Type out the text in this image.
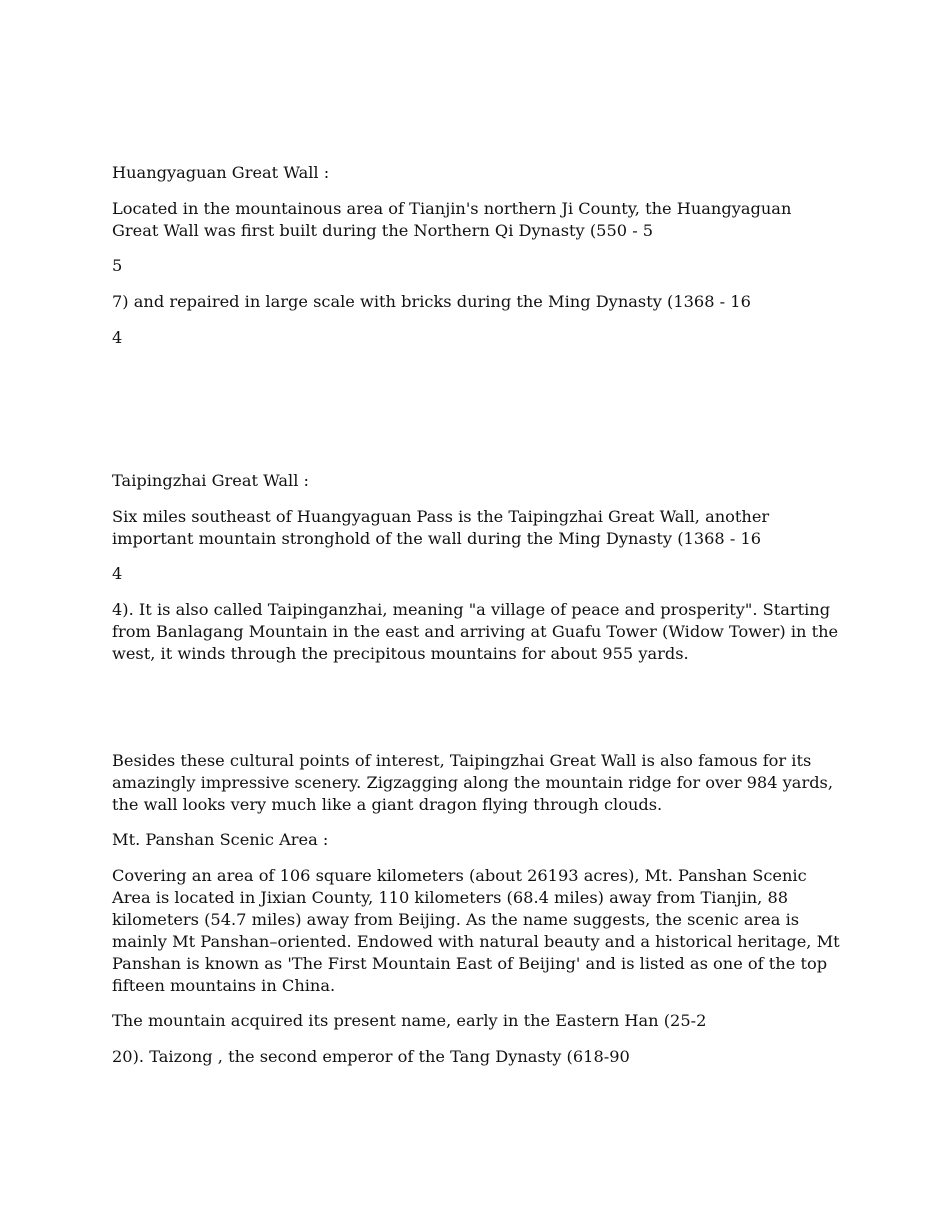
Huangyaguan Great Wall :

Located in the mountainous area of Tianjin's northern Ji County, the Huangyaguan Great Wall was first built during the Northern Qi Dynasty (550 - 5

5

7) and repaired in large scale with bricks during the Ming Dynasty (1368 - 16

4

Taipingzhai Great Wall :

Six miles southeast of Huangyaguan Pass is the Taipingzhai Great Wall, another important mountain stronghold of the wall during the Ming Dynasty (1368 - 16

4

4). It is also called Taipinganzhai, meaning "a village of peace and prosperity". Starting from Banlagang Mountain in the east and arriving at Guafu Tower (Widow Tower) in the west, it winds through the precipitous mountains for about 955 yards.

Besides these cultural points of interest, Taipingzhai Great Wall is also famous for its amazingly impressive scenery. Zigzagging along the mountain ridge for over 984 yards, the wall looks very much like a giant dragon flying through clouds.

Mt. Panshan Scenic Area :

Covering an area of 106 square kilometers (about 26193 acres), Mt. Panshan Scenic Area is located in Jixian County, 110 kilometers (68.4 miles) away from Tianjin, 88 kilometers (54.7 miles) away from Beijing. As the name suggests, the scenic area is mainly Mt Panshan–oriented. Endowed with natural beauty and a historical heritage, Mt Panshan is known as 'The First Mountain East of Beijing' and is listed as one of the top fifteen mountains in China.

The mountain acquired its present name, early in the Eastern Han (25-2

20). Taizong , the second emperor of the Tang Dynasty (618-90
